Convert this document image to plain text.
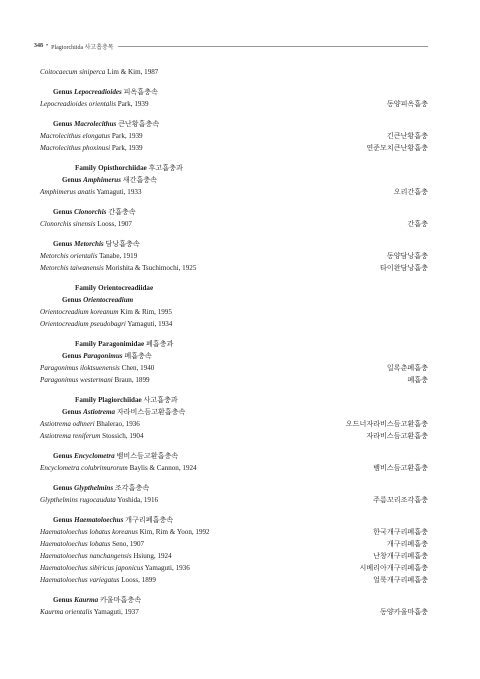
348 • Plagiorchiida 사고흡충목
Coitocaecum siniperca Lim & Kim, 1987
Genus Lepocreadioides 피옥흡충속
Lepocreadioides orientalis Park, 1939	동양피옥흡충
Genus Macrolecithus 큰난황흡충속
Macrolecithus elongatus Park, 1939	긴큰난황흡충
Macrolecithus phoxinusi Park, 1939	연준모치큰난황흡충
Family Opisthorchiidae 후고흡충과
Genus Amphimerus 새간흡충속
Amphimerus anatis Yamaguti, 1933	오리간흡충
Genus Clonorchis 간흡충속
Clonorchis sinensis Looss, 1907	간흡충
Genus Metorchis 담낭흡충속
Metorchis orientalis Tanabe, 1919	동양담낭흡충
Metorchis taiwanensis Morishita & Tsuchimochi, 1925	타이완담낭흡충
Family Orientocreadiidae
Genus Orientocreadium
Orientocreadium koreanum Kim & Rim, 1995
Orientocreadium pseudobagri Yamaguti, 1934
Family Paragonimidae 폐흡충과
Genus Paragonimus 폐흡충속
Paragonimus iloktsuenensis Chen, 1940	일록춘폐흡충
Paragonimus westermani Braun, 1899	폐흡충
Family Plagiorchiidae 사고흡충과
Genus Astiotrema 자라비스듬고환흡충속
Astiotrema odhneri Bhalerao, 1936	오드너자라비스듬고환흡충
Astiotrema reniferum Stossich, 1904	자라비스듬고환흡충
Genus Encyclometra 뱀비스듬고환흡충속
Encyclometra colubrimurorum Baylis & Cannon, 1924	뱀비스듬고환흡충
Genus Glypthelmins 조각흡충속
Glypthelmins rugocaudata Yoshida, 1916	주름꼬리조각흡충
Genus Haematoloechus 개구리폐흡충속
Haematoloechus lobatus koreanus Kim, Rim & Yoon, 1992	한국개구리폐흡충
Haematoloechus lobatus Seno, 1907	개구리폐흡충
Haematoloechus nanchangensis Hsiung, 1924	난창개구리폐흡충
Haematoloechus sibiricus japonicus Yamaguti, 1936	시베리아개구리폐흡충
Haematoloechus variegatus Looss, 1899	얼룩개구리폐흡충
Genus Kaurma 카울마흡충속
Kaurma orientalis Yamaguti, 1937	동양카울마흡충
